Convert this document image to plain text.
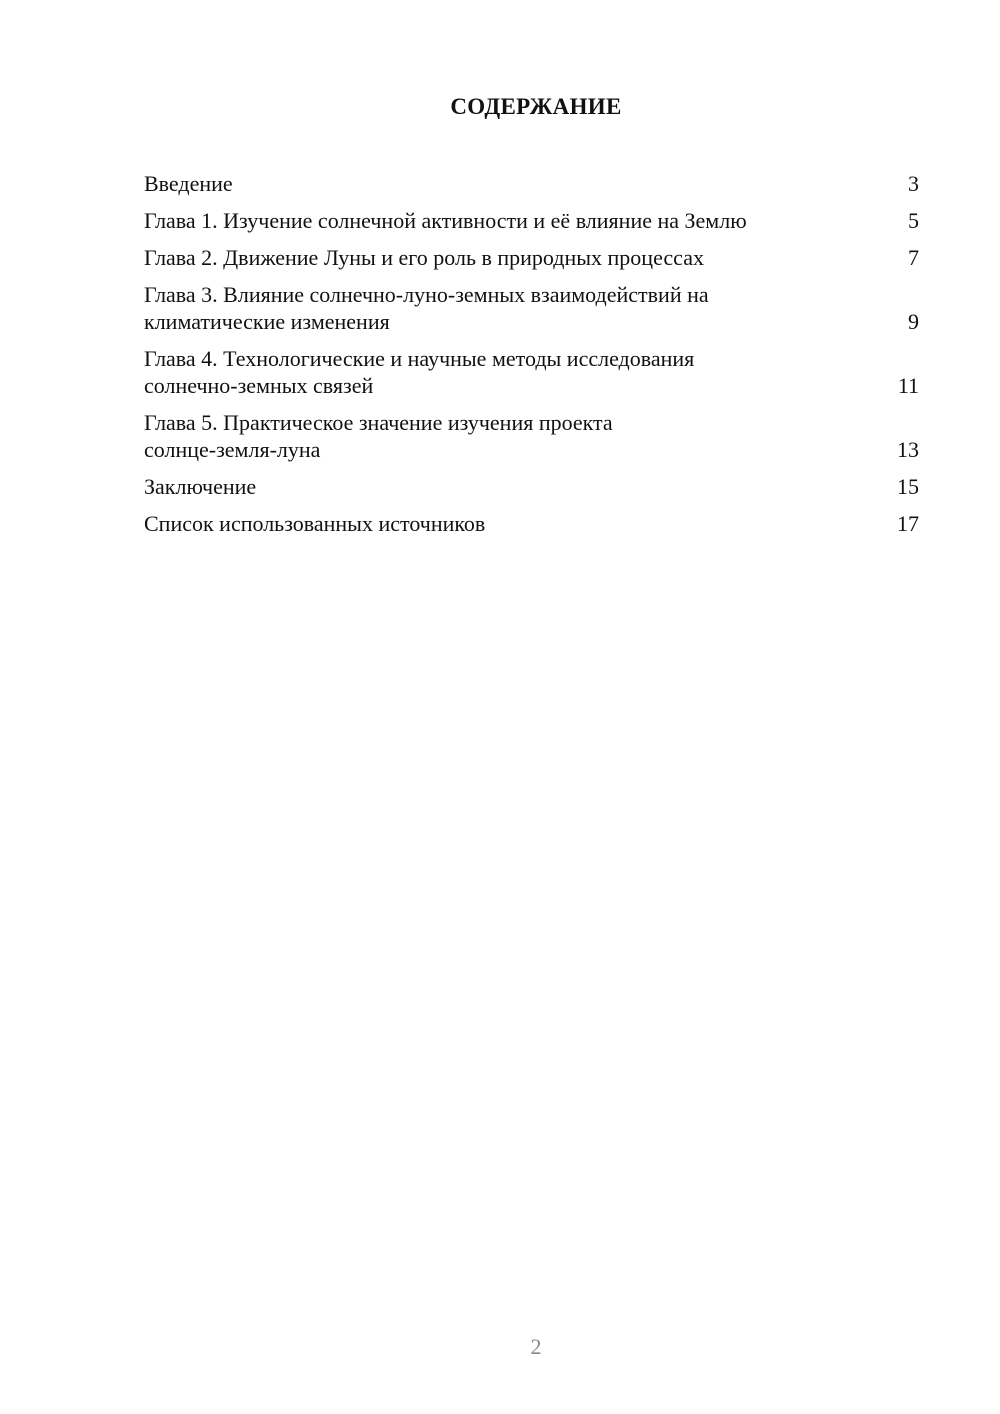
СОДЕРЖАНИЕ
Введение	3
Глава 1. Изучение солнечной активности и её влияние на Землю	5
Глава 2. Движение Луны и его роль в природных процессах	7
Глава 3. Влияние солнечно-луно-земных взаимодействий на
климатические изменения	9
Глава 4. Технологические и научные методы исследования
солнечно-земных связей	11
Глава 5. Практическое значение изучения проекта
солнце-земля-луна	13
Заключение	15
Список использованных источников	17
2
